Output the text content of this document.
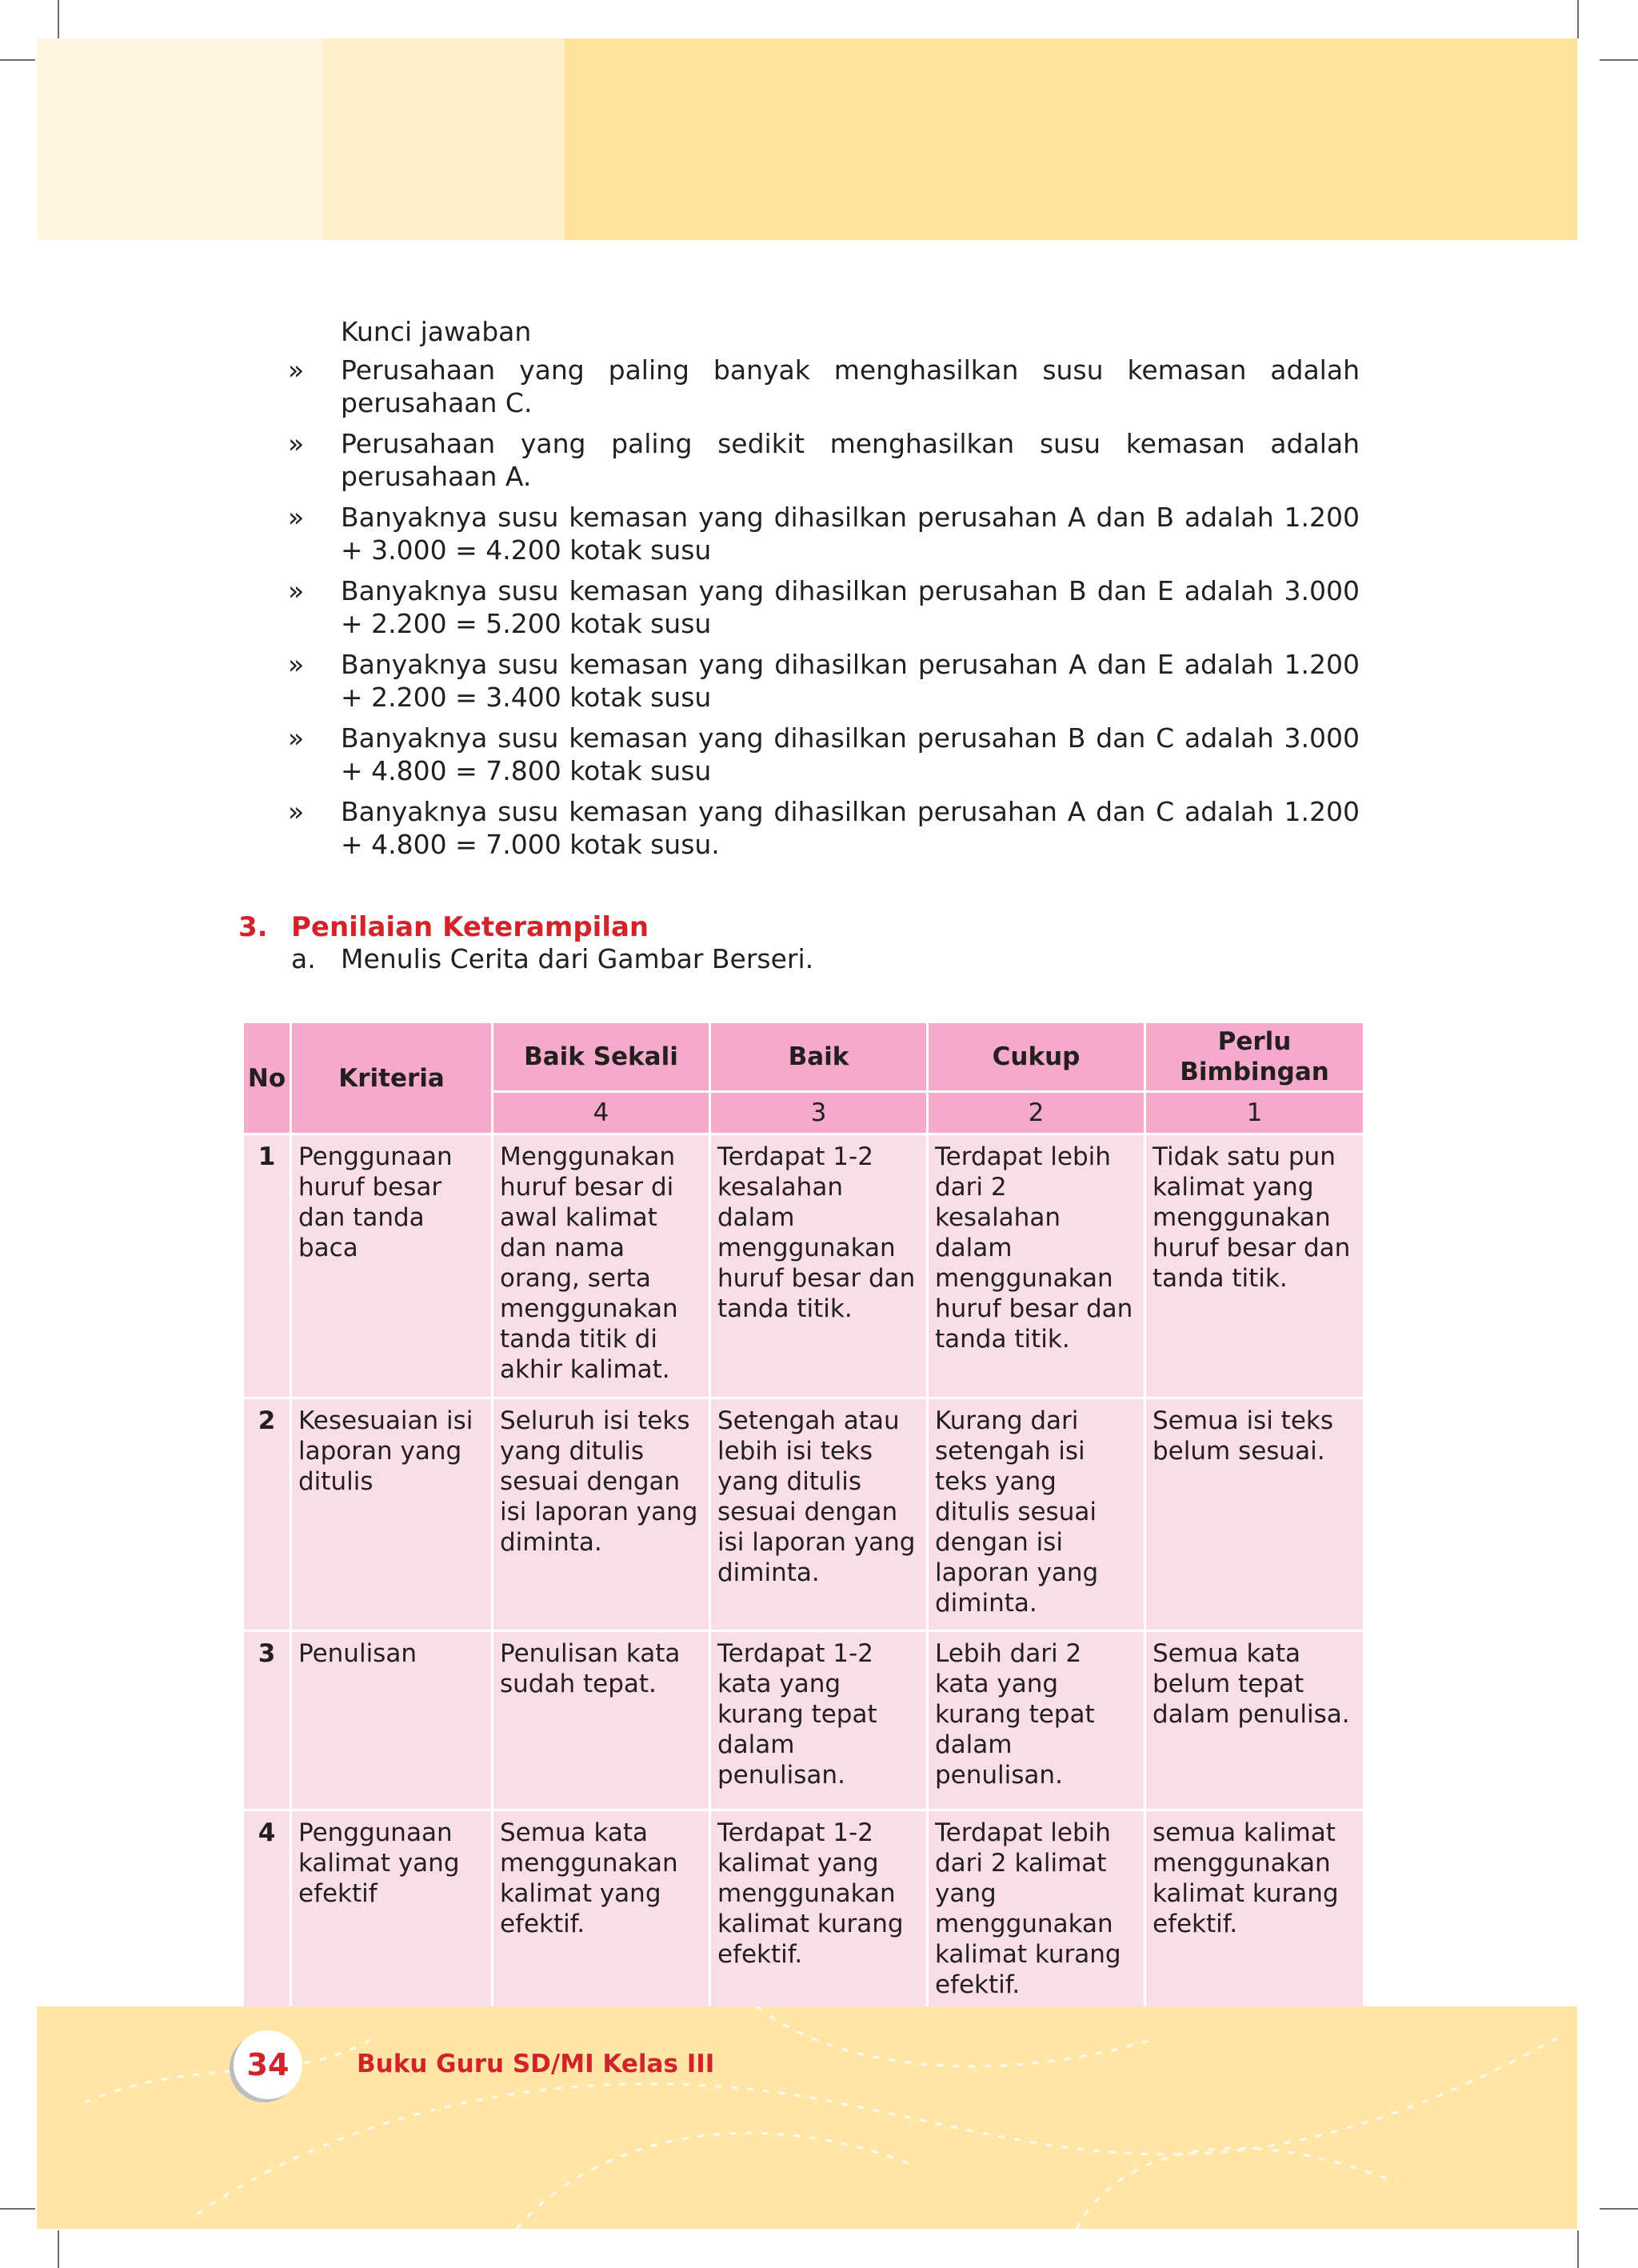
Kunci jawaban
» Perusahaan yang paling banyak menghasilkan susu kemasan adalah perusahaan C.
» Perusahaan yang paling sedikit menghasilkan susu kemasan adalah perusahaan A.
» Banyaknya susu kemasan yang dihasilkan perusahan A dan B adalah 1.200 + 3.000 = 4.200 kotak susu
» Banyaknya susu kemasan yang dihasilkan perusahan B dan E adalah 3.000 + 2.200 = 5.200 kotak susu
» Banyaknya susu kemasan yang dihasilkan perusahan A dan E adalah 1.200 + 2.200 = 3.400 kotak susu
» Banyaknya susu kemasan yang dihasilkan perusahan B dan C adalah 3.000 + 4.800 = 7.800 kotak susu
» Banyaknya susu kemasan yang dihasilkan perusahan A dan C adalah 1.200 + 4.800 = 7.000 kotak susu.
3. Penilaian Keterampilan
a. Menulis Cerita dari Gambar Berseri.
No	Kriteria	Baik Sekali	Baik	Cukup	Perlu Bimbingan
		4	3	2	1
1	Penggunaan huruf besar dan tanda baca	Menggunakan huruf besar di awal kalimat dan nama orang, serta menggunakan tanda titik di akhir kalimat.	Terdapat 1-2 kesalahan dalam menggunakan huruf besar dan tanda titik.	Terdapat lebih dari 2 kesalahan dalam menggunakan huruf besar dan tanda titik.	Tidak satu pun kalimat yang menggunakan huruf besar dan tanda titik.
2	Kesesuaian isi laporan yang ditulis	Seluruh isi teks yang ditulis sesuai dengan isi laporan yang diminta.	Setengah atau lebih isi teks yang ditulis sesuai dengan isi laporan yang diminta.	Kurang dari setengah isi teks yang ditulis sesuai dengan isi laporan yang diminta.	Semua isi teks belum sesuai.
3	Penulisan	Penulisan kata sudah tepat.	Terdapat 1-2 kata yang kurang tepat dalam penulisan.	Lebih dari 2 kata yang kurang tepat dalam penulisan.	Semua kata belum tepat dalam penulisa.
4	Penggunaan kalimat yang efektif	Semua kata menggunakan kalimat yang efektif.	Terdapat 1-2 kalimat yang menggunakan kalimat kurang efektif.	Terdapat lebih dari 2 kalimat yang menggunakan kalimat kurang efektif.	semua kalimat menggunakan kalimat kurang efektif.
34	Buku Guru SD/MI Kelas III
